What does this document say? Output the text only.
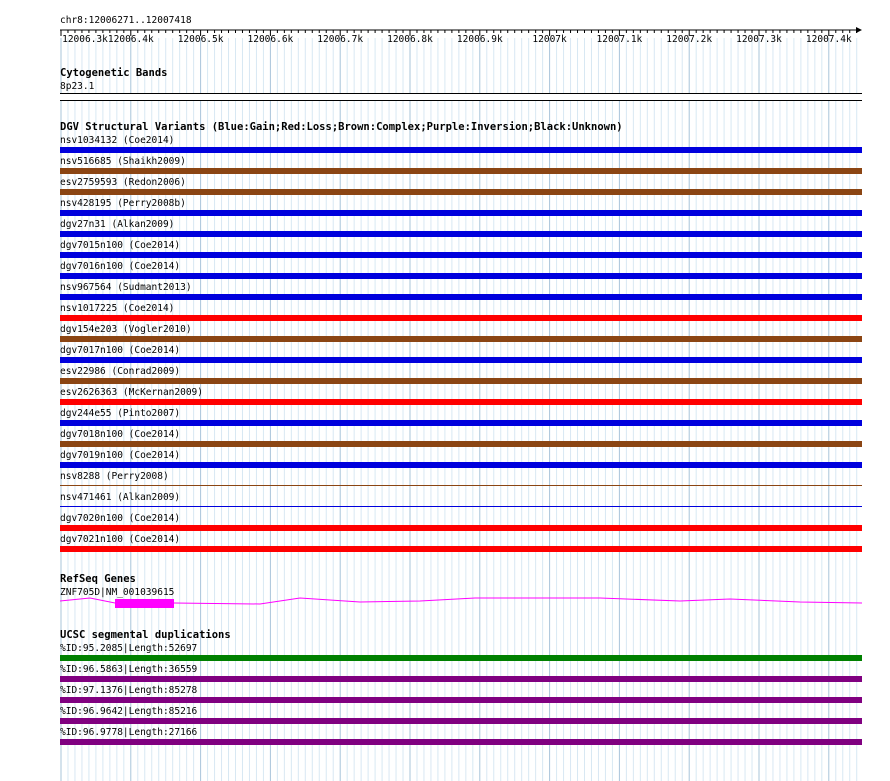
chr8:12006271..12007418
12006.3k 12006.4k	12006.5k	12006.6k	12006.7k	12006.8k	12006.9k	12007k	12007.1k	12007.2k	12007.3k	12007.4k
Cytogenetic Bands
8p23.1
DGV Structural Variants (Blue:Gain;Red:Loss;Brown:Complex;Purple:Inversion;Black:Unknown)
nsv1034132 (Coe2014)
nsv516685 (Shaikh2009)
esv2759593 (Redon2006)
nsv428195 (Perry2008b)
dgv27n31 (Alkan2009)
dgv7015n100 (Coe2014)
dgv7016n100 (Coe2014)
nsv967564 (Sudmant2013)
nsv1017225 (Coe2014)
dgv154e203 (Vogler2010)
dgv7017n100 (Coe2014)
esv22986 (Conrad2009)
esv2626363 (McKernan2009)
dgv244e55 (Pinto2007)
dgv7018n100 (Coe2014)
dgv7019n100 (Coe2014)
nsv8288 (Perry2008)
nsv471461 (Alkan2009)
dgv7020n100 (Coe2014)
dgv7021n100 (Coe2014)
RefSeq Genes
ZNF705D|NM_001039615
UCSC segmental duplications
%ID:95.2085|Length:52697
%ID:96.5863|Length:36559
%ID:97.1376|Length:85278
%ID:96.9642|Length:85216
%ID:96.9778|Length:27166
